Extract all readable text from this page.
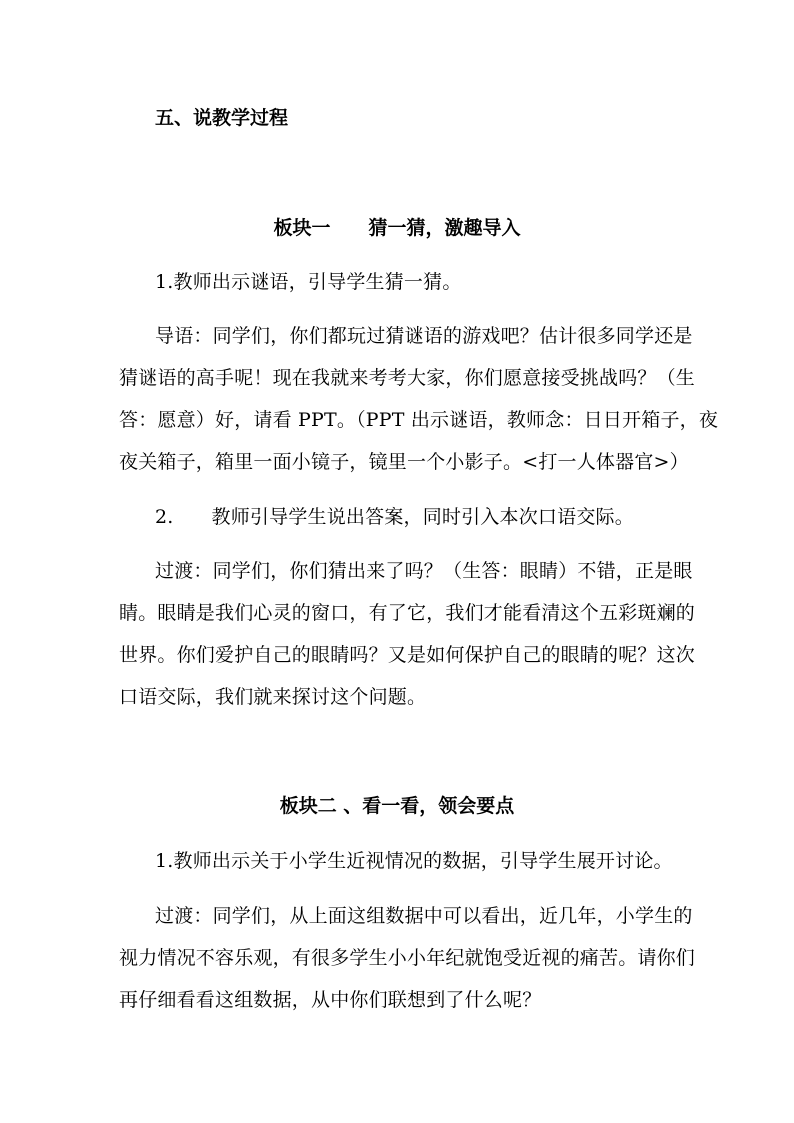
五、说教学过程
板块一 猜一猜，激趣导入
1.教师出示谜语，引导学生猜一猜。
导语：同学们，你们都玩过猜谜语的游戏吧？估计很多同学还是
猜谜语的高手呢！现在我就来考考大家，你们愿意接受挑战吗？（生
答：愿意）好，请看 PPT。（PPT 出示谜语，教师念：日日开箱子，夜
夜关箱子，箱里一面小镜子，镜里一个小影子。<打一人体器官>）
2. 教师引导学生说出答案，同时引入本次口语交际。
过渡：同学们，你们猜出来了吗？（生答：眼睛）不错，正是眼
睛。眼睛是我们心灵的窗口，有了它，我们才能看清这个五彩斑斓的
世界。你们爱护自己的眼睛吗？又是如何保护自己的眼睛的呢？这次
口语交际，我们就来探讨这个问题。
板块二 、看一看，领会要点
1.教师出示关于小学生近视情况的数据，引导学生展开讨论。
过渡：同学们，从上面这组数据中可以看出，近几年，小学生的
视力情况不容乐观，有很多学生小小年纪就饱受近视的痛苦。请你们
再仔细看看这组数据，从中你们联想到了什么呢？
